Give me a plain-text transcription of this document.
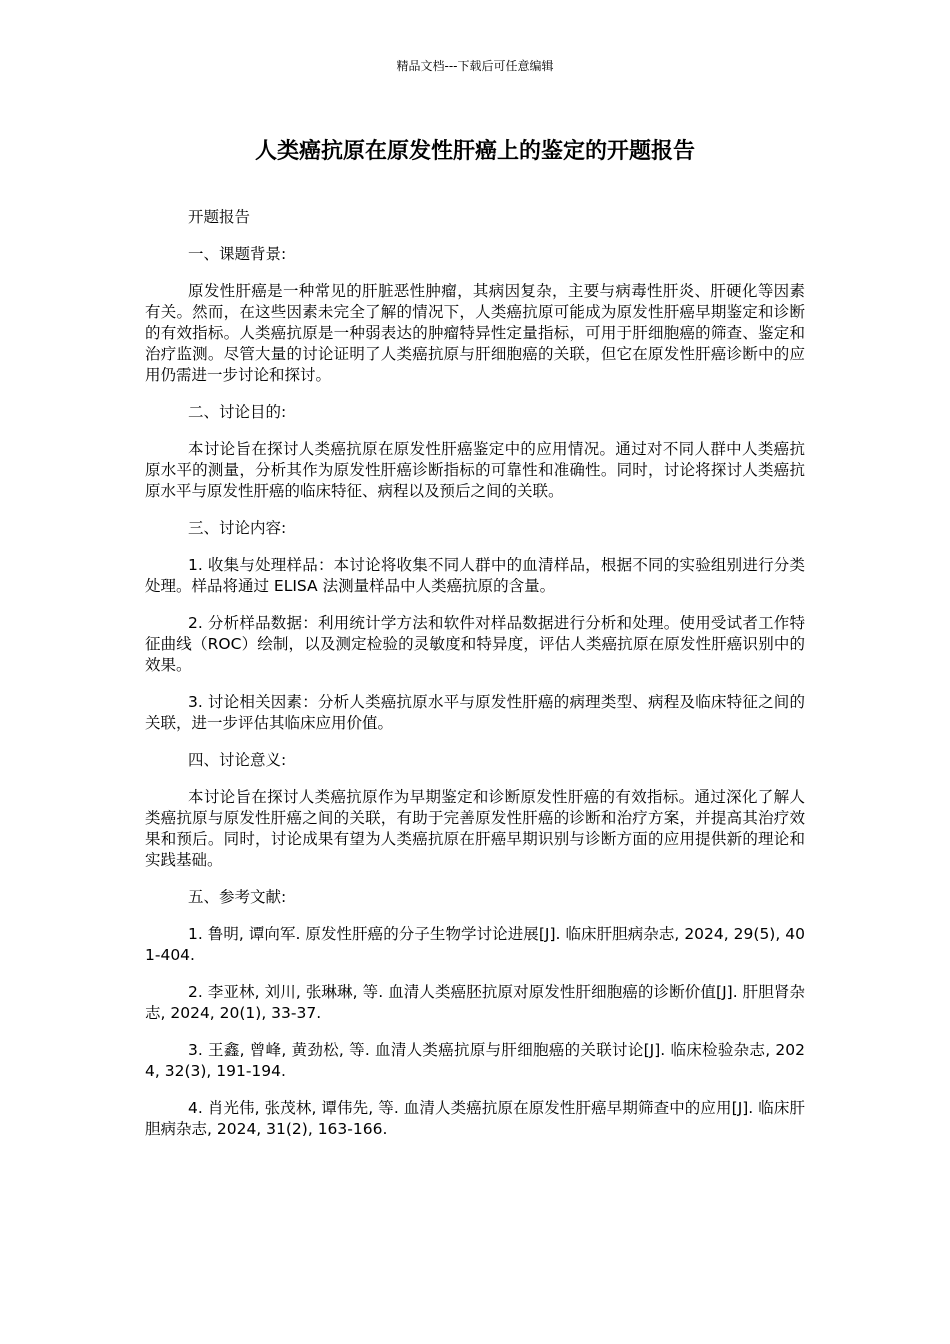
精品文档---下载后可任意编辑
人类癌抗原在原发性肝癌上的鉴定的开题报告

开题报告

一、课题背景:

原发性肝癌是一种常见的肝脏恶性肿瘤，其病因复杂，主要与病毒性肝炎、肝硬化等因素有关。然而，在这些因素未完全了解的情况下，人类癌抗原可能成为原发性肝癌早期鉴定和诊断的有效指标。人类癌抗原是一种弱表达的肿瘤特异性定量指标，可用于肝细胞癌的筛查、鉴定和治疗监测。尽管大量的讨论证明了人类癌抗原与肝细胞癌的关联，但它在原发性肝癌诊断中的应用仍需进一步讨论和探讨。

二、讨论目的:

本讨论旨在探讨人类癌抗原在原发性肝癌鉴定中的应用情况。通过对不同人群中人类癌抗原水平的测量，分析其作为原发性肝癌诊断指标的可靠性和准确性。同时，讨论将探讨人类癌抗原水平与原发性肝癌的临床特征、病程以及预后之间的关联。

三、讨论内容:

1. 收集与处理样品：本讨论将收集不同人群中的血清样品，根据不同的实验组别进行分类处理。样品将通过 ELISA 法测量样品中人类癌抗原的含量。

2. 分析样品数据：利用统计学方法和软件对样品数据进行分析和处理。使用受试者工作特征曲线（ROC）绘制，以及测定检验的灵敏度和特异度，评估人类癌抗原在原发性肝癌识别中的效果。

3. 讨论相关因素：分析人类癌抗原水平与原发性肝癌的病理类型、病程及临床特征之间的关联，进一步评估其临床应用价值。

四、讨论意义:

本讨论旨在探讨人类癌抗原作为早期鉴定和诊断原发性肝癌的有效指标。通过深化了解人类癌抗原与原发性肝癌之间的关联，有助于完善原发性肝癌的诊断和治疗方案，并提高其治疗效果和预后。同时，讨论成果有望为人类癌抗原在肝癌早期识别与诊断方面的应用提供新的理论和实践基础。

五、参考文献:

1. 鲁明, 谭向军. 原发性肝癌的分子生物学讨论进展[J]. 临床肝胆病杂志, 2024, 29(5), 401-404.

2. 李亚林, 刘川, 张琳琳, 等. 血清人类癌胚抗原对原发性肝细胞癌的诊断价值[J]. 肝胆肾杂志, 2024, 20(1), 33-37.

3. 王鑫, 曾峰, 黄劲松, 等. 血清人类癌抗原与肝细胞癌的关联讨论[J]. 临床检验杂志, 2024, 32(3), 191-194.

4. 肖光伟, 张茂林, 谭伟先, 等. 血清人类癌抗原在原发性肝癌早期筛查中的应用[J]. 临床肝胆病杂志, 2024, 31(2), 163-166.
